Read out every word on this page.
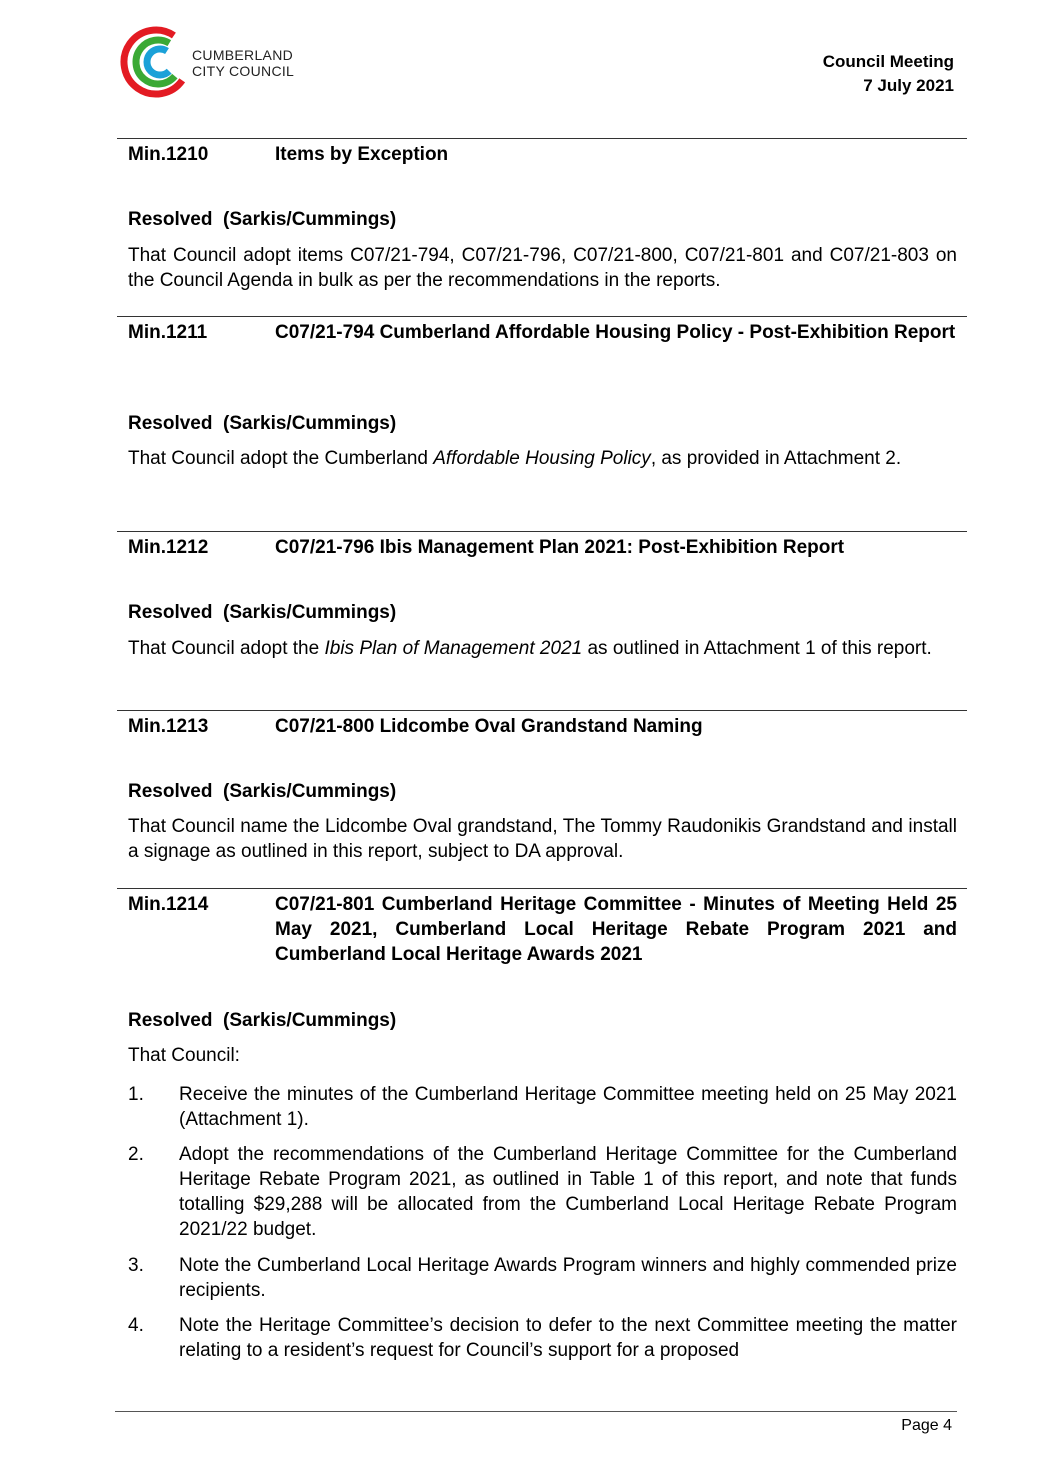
CUMBERLAND
CITY COUNCIL	Council Meeting
7 July 2021
Min.1210	Items by Exception
Resolved  (Sarkis/Cummings)
That Council adopt items C07/21-794, C07/21-796, C07/21-800, C07/21-801 and C07/21-803 on the Council Agenda in bulk as per the recommendations in the reports.
Min.1211	C07/21-794 Cumberland Affordable Housing Policy - Post-Exhibition Report
Resolved  (Sarkis/Cummings)
That Council adopt the Cumberland Affordable Housing Policy, as provided in Attachment 2.
Min.1212	C07/21-796 Ibis Management Plan 2021: Post-Exhibition Report
Resolved  (Sarkis/Cummings)
That Council adopt the Ibis Plan of Management 2021 as outlined in Attachment 1 of this report.
Min.1213	C07/21-800 Lidcombe Oval Grandstand Naming
Resolved  (Sarkis/Cummings)
That Council name the Lidcombe Oval grandstand, The Tommy Raudonikis Grandstand and install a signage as outlined in this report, subject to DA approval.
Min.1214	C07/21-801 Cumberland Heritage Committee - Minutes of Meeting Held 25 May 2021, Cumberland Local Heritage Rebate Program 2021 and Cumberland Local Heritage Awards 2021
Resolved  (Sarkis/Cummings)
That Council:
1. Receive the minutes of the Cumberland Heritage Committee meeting held on 25 May 2021 (Attachment 1).
2. Adopt the recommendations of the Cumberland Heritage Committee for the Cumberland Heritage Rebate Program 2021, as outlined in Table 1 of this report, and note that funds totalling $29,288 will be allocated from the Cumberland Local Heritage Rebate Program 2021/22 budget.
3. Note the Cumberland Local Heritage Awards Program winners and highly commended prize recipients.
4. Note the Heritage Committee’s decision to defer to the next Committee meeting the matter relating to a resident’s request for Council’s support for a proposed
Page 4
